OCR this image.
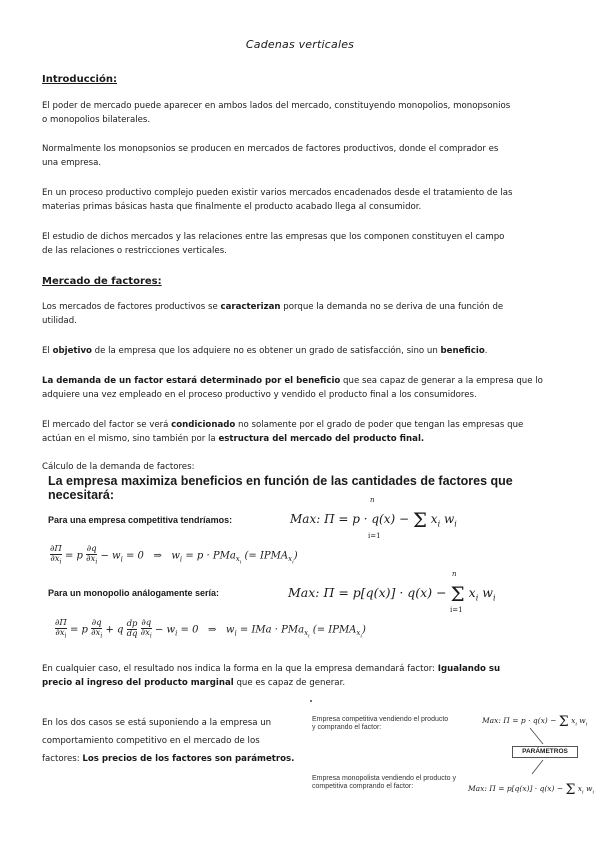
Cadenas verticales
Introducción:
El poder de mercado puede aparecer en ambos lados del mercado, constituyendo monopolios, monopsonios
o monopolios bilaterales.
Normalmente los monopsonios se producen en mercados de factores productivos, donde el comprador es
una empresa.
En un proceso productivo complejo pueden existir varios mercados encadenados desde el tratamiento de las
materias primas básicas hasta que finalmente el producto acabado llega al consumidor.
El estudio de dichos mercados y las relaciones entre las empresas que los componen constituyen el campo
de las relaciones o restricciones verticales.
Mercado de factores:
Los mercados de factores productivos se caracterizan porque la demanda no se deriva de una función de
utilidad.
El objetivo de la empresa que los adquiere no es obtener un grado de satisfacción, sino un beneficio.
La demanda de un factor estará determinado por el beneficio que sea capaz de generar a la empresa que lo
adquiere una vez empleado en el proceso productivo y vendido el producto final a los consumidores.
El mercado del factor se verá condicionado no solamente por el grado de poder que tengan las empresas que
actúan en el mismo, sino también por la estructura del mercado del producto final.
Cálculo de la demanda de factores:
La empresa maximiza beneficios en función de las cantidades de factores que necesitará:
Para una empresa competitiva tendríamos:	Max: Π = p · q(x) − Σ $x_i$ $w_i$
n
i=1
∂Π

$\partial x_i$
= p ∂q

$\partial x_i$
− $w_i = 0$   ⇒   $w_i = p \cdot PMa_{x_i}$ (= $IPMA_{x_i}$)
Para un monopolio análogamente sería:	Max: Π = p[q(x)] · q(x) − Σ $x_i$ $w_i$
n
i=1
∂Π

$\partial x_i$
= p ∂q

$\partial x_i$
+ q dp

dq
∂q

$\partial x_i$
− $w_i = 0$   ⇒   $w_i$ = IMa · PMa$_{x_i}$ (= $IPMA_{x_i}$)
En cualquier caso, el resultado nos indica la forma en la que la empresa demandará factor: Igualando su
precio al ingreso del producto marginal que es capaz de generar.
En los dos casos se está suponiendo a la empresa un
comportamiento competitivo en el mercado de los
factores: Los precios de los factores son parámetros.
Empresa competitiva vendiendo el producto y comprando el factor:
Max: Π = p · q(x) − Σ $x_i$ $w_i$
PARÁMETROS
Empresa monopolista vendiendo el producto y competitiva comprando el factor:	Max: Π = p[q(x)] · q(x) − Σ $x_i$ $w_i$
